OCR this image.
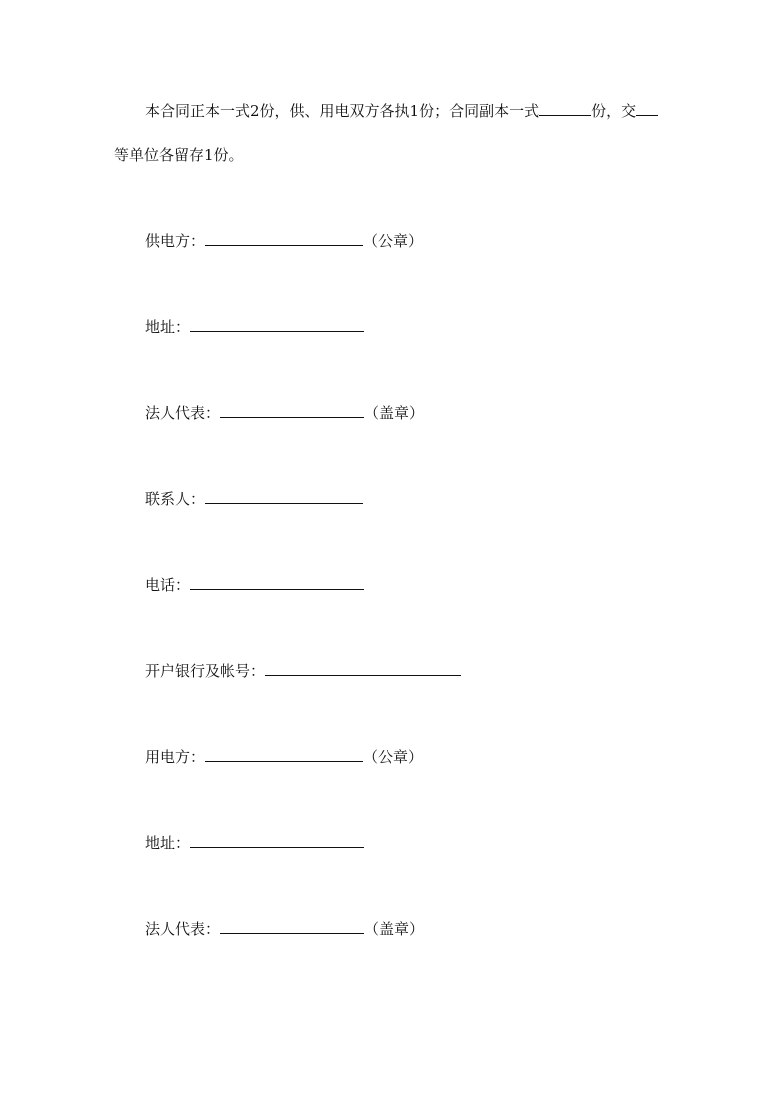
本合同正本一式2份，供、用电双方各执1份；合同副本一式	份，交
等单位各留存1份。
供电方：	（公章）
地址：
法人代表：	（盖章）
联系人：
电话：
开户银行及帐号：
用电方：	（公章）
地址：
法人代表：	（盖章）
